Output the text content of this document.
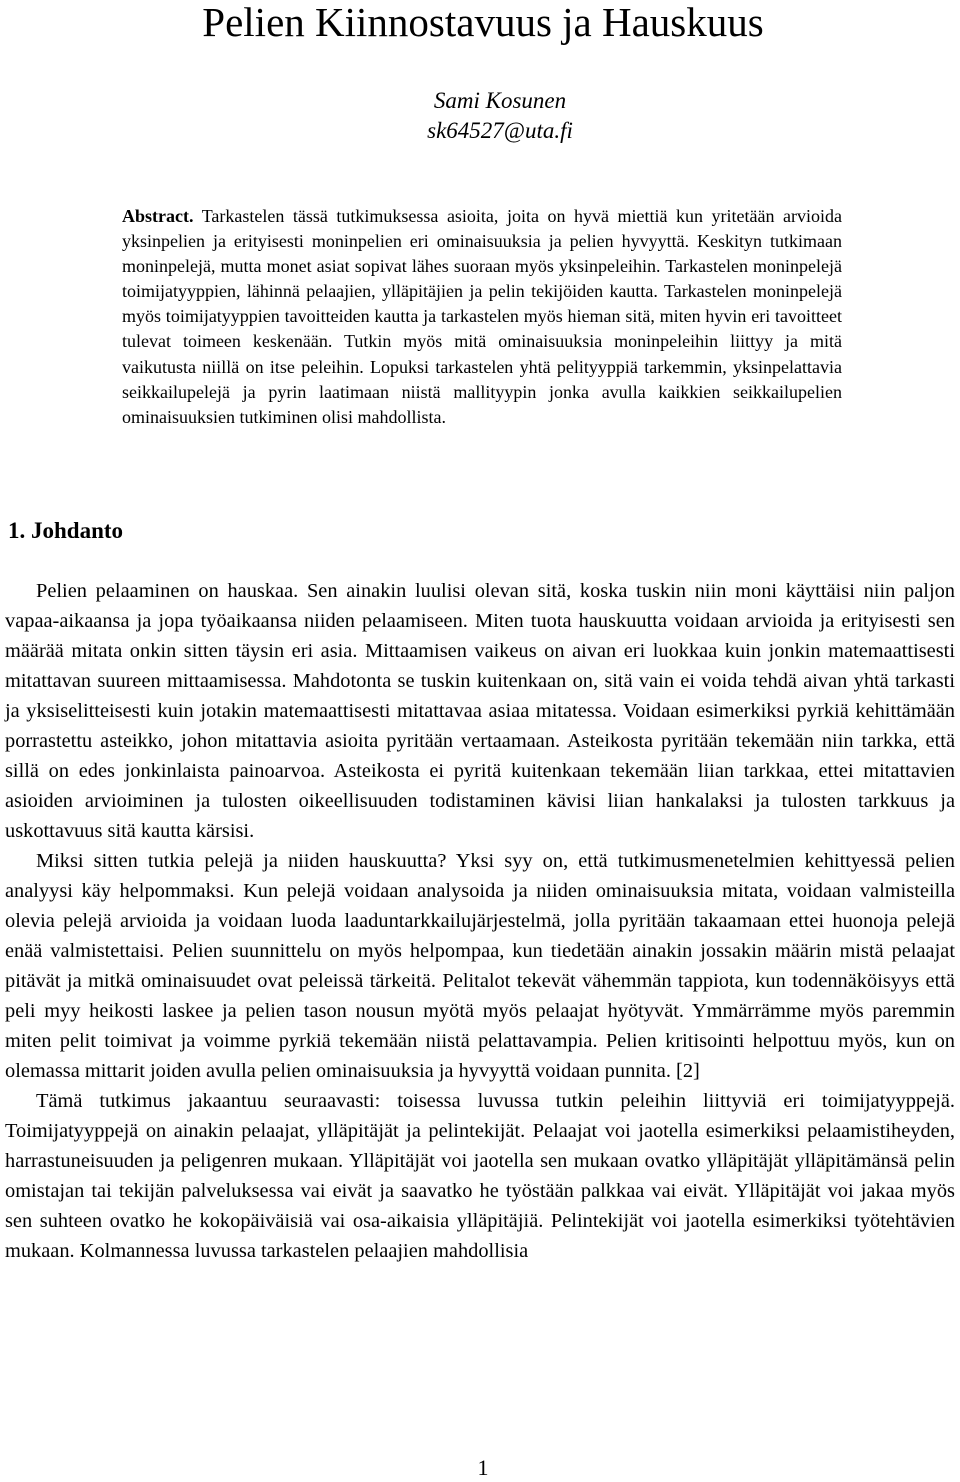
Pelien Kiinnostavuus ja Hauskuus
Sami Kosunen
sk64527@uta.fi
Abstract. Tarkastelen tässä tutkimuksessa asioita, joita on hyvä miettiä kun yritetään arvioida yksinpelien ja erityisesti moninpelien eri ominaisuuksia ja pelien hyvyyttä. Keskityn tutkimaan moninpelejä, mutta monet asiat sopivat lähes suoraan myös yksinpeleihin. Tarkastelen moninpelejä toimijatyyppien, lähinnä pelaajien, ylläpitäjien ja pelin tekijöiden kautta. Tarkastelen moninpelejä myös toimijatyyppien tavoitteiden kautta ja tarkastelen myös hieman sitä, miten hyvin eri tavoitteet tulevat toimeen keskenään. Tutkin myös mitä ominaisuuksia moninpeleihin liittyy ja mitä vaikutusta niillä on itse peleihin. Lopuksi tarkastelen yhtä pelityyppiä tarkemmin, yksinpelattavia seikkailupelejä ja pyrin laatimaan niistä mallityypin jonka avulla kaikkien seikkailupelien ominaisuuksien tutkiminen olisi mahdollista.
1. Johdanto

Pelien pelaaminen on hauskaa. Sen ainakin luulisi olevan sitä, koska tuskin niin moni käyttäisi niin paljon vapaa-aikaansa ja jopa työaikaansa niiden pelaamiseen. Miten tuota hauskuutta voidaan arvioida ja erityisesti sen määrää mitata onkin sitten täysin eri asia. Mittaamisen vaikeus on aivan eri luokkaa kuin jonkin matemaattisesti mitattavan suureen mittaamisessa. Mahdotonta se tuskin kuitenkaan on, sitä vain ei voida tehdä aivan yhtä tarkasti ja yksiselitteisesti kuin jotakin matemaattisesti mitattavaa asiaa mitatessa. Voidaan esimerkiksi pyrkiä kehittämään porrastettu asteikko, johon mitattavia asioita pyritään vertaamaan. Asteikosta pyritään tekemään niin tarkka, että sillä on edes jonkinlaista painoarvoa. Asteikosta ei pyritä kuitenkaan tekemään liian tarkkaa, ettei mitattavien asioiden arvioiminen ja tulosten oikeellisuuden todistaminen kävisi liian hankalaksi ja tulosten tarkkuus ja uskottavuus sitä kautta kärsisi.

Miksi sitten tutkia pelejä ja niiden hauskuutta? Yksi syy on, että tutkimusmenetelmien kehittyessä pelien analyysi käy helpommaksi. Kun pelejä voidaan analysoida ja niiden ominaisuuksia mitata, voidaan valmisteilla olevia pelejä arvioida ja voidaan luoda laaduntarkkailujärjestelmä, jolla pyritään takaamaan ettei huonoja pelejä enää valmistettaisi. Pelien suunnittelu on myös helpompaa, kun tiedetään ainakin jossakin määrin mistä pelaajat pitävät ja mitkä ominaisuudet ovat peleissä tärkeitä. Pelitalot tekevät vähemmän tappiota, kun todennäköisyys että peli myy heikosti laskee ja pelien tason nousun myötä myös pelaajat hyötyvät. Ymmärrämme myös paremmin miten pelit toimivat ja voimme pyrkiä tekemään niistä pelattavampia. Pelien kritisointi helpottuu myös, kun on olemassa mittarit joiden avulla pelien ominaisuuksia ja hyvyyttä voidaan punnita. [2]

Tämä tutkimus jakaantuu seuraavasti: toisessa luvussa tutkin peleihin liittyviä eri toimijatyyppejä. Toimijatyyppejä on ainakin pelaajat, ylläpitäjät ja pelintekijät. Pelaajat voi jaotella esimerkiksi pelaamistiheyden, harrastuneisuuden ja peligenren mukaan. Ylläpitäjät voi jaotella sen mukaan ovatko ylläpitäjät ylläpitämänsä pelin omistajan tai tekijän palveluksessa vai eivät ja saavatko he työstään palkkaa vai eivät. Ylläpitäjät voi jakaa myös sen suhteen ovatko he kokopäiväisiä vai osa-aikaisia ylläpitäjiä. Pelintekijät voi jaotella esimerkiksi työtehtävien mukaan. Kolmannessa luvussa tarkastelen pelaajien mahdollisia

1
